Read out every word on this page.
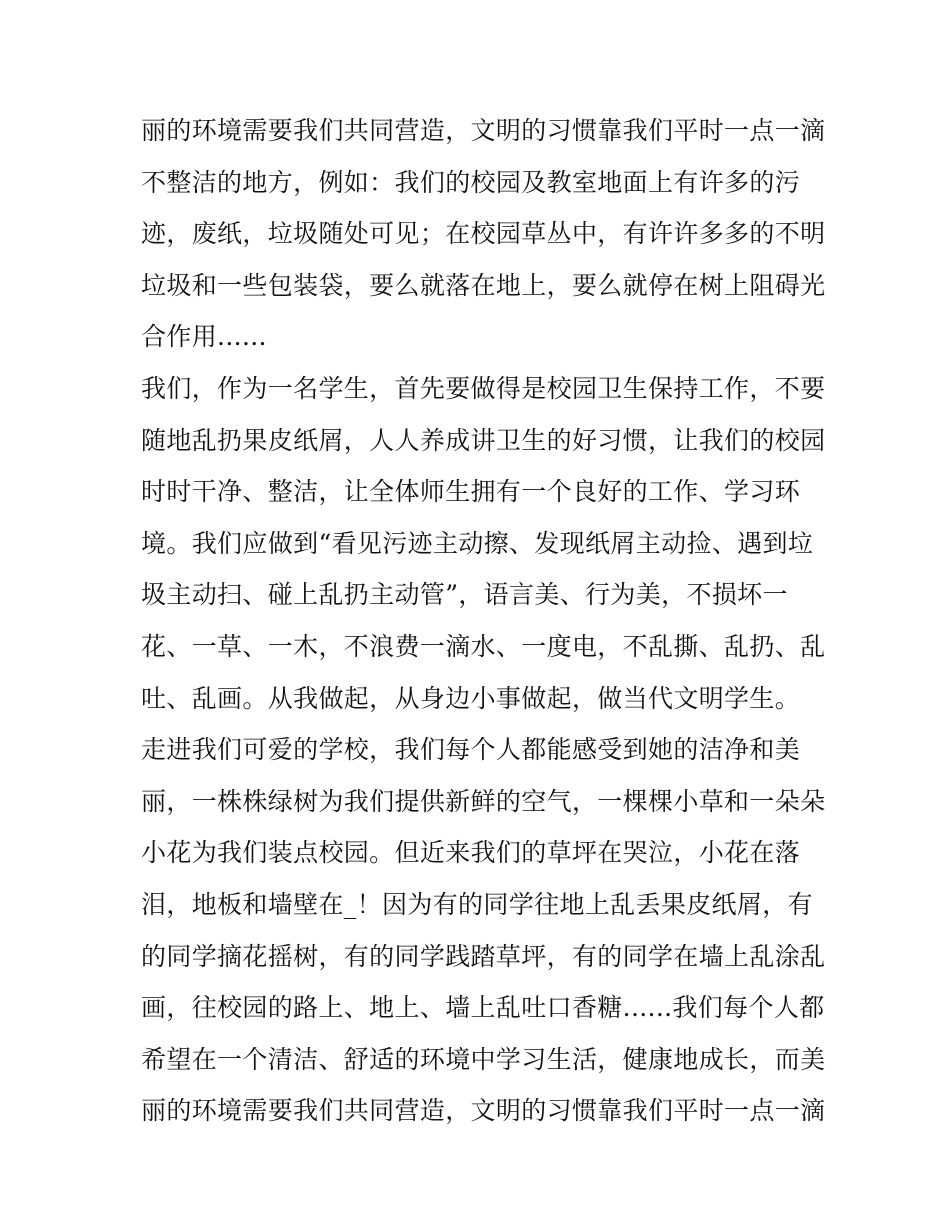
丽的环境需要我们共同营造，文明的习惯靠我们平时一点一滴
不整洁的地方，例如：我们的校园及教室地面上有许多的污
迹，废纸，垃圾随处可见；在校园草丛中，有许许多多的不明
垃圾和一些包装袋，要么就落在地上，要么就停在树上阻碍光
合作用......
我们，作为一名学生，首先要做得是校园卫生保持工作，不要
随地乱扔果皮纸屑，人人养成讲卫生的好习惯，让我们的校园
时时干净、整洁，让全体师生拥有一个良好的工作、学习环
境。我们应做到“看见污迹主动擦、发现纸屑主动捡、遇到垃
圾主动扫、碰上乱扔主动管”，语言美、行为美，不损坏一
花、一草、一木，不浪费一滴水、一度电，不乱撕、乱扔、乱
吐、乱画。从我做起，从身边小事做起，做当代文明学生。
走进我们可爱的学校，我们每个人都能感受到她的洁净和美
丽，一株株绿树为我们提供新鲜的空气，一棵棵小草和一朵朵
小花为我们装点校园。但近来我们的草坪在哭泣，小花在落
泪，地板和墙壁在_！因为有的同学往地上乱丢果皮纸屑，有
的同学摘花摇树，有的同学践踏草坪，有的同学在墙上乱涂乱
画，往校园的路上、地上、墙上乱吐口香糖......我们每个人都
希望在一个清洁、舒适的环境中学习生活，健康地成长，而美
丽的环境需要我们共同营造，文明的习惯靠我们平时一点一滴
